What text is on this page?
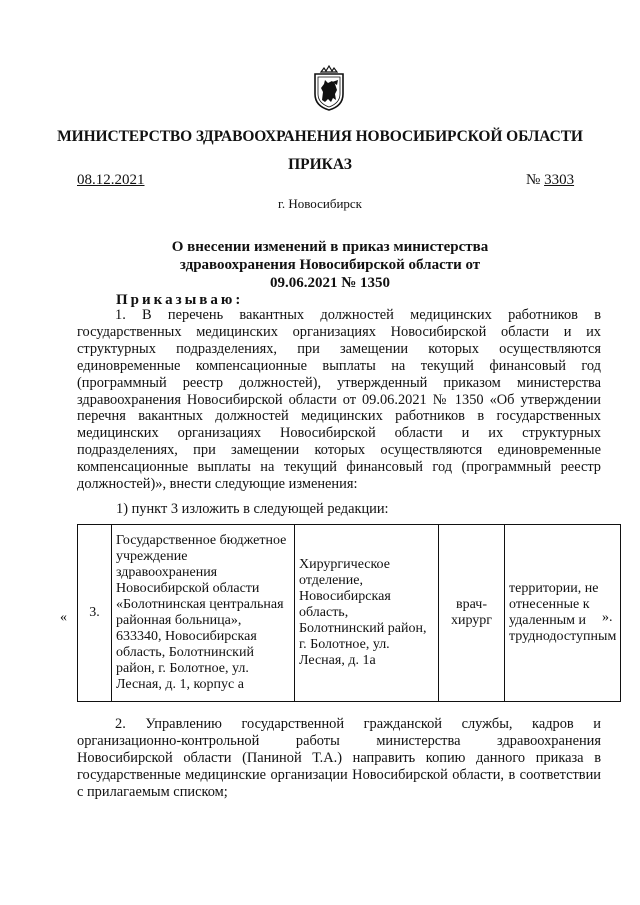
МИНИСТЕРСТВО ЗДРАВООХРАНЕНИЯ НОВОСИБИРСКОЙ ОБЛАСТИ
ПРИКАЗ
08.12.2021	№ 3303
г. Новосибирск
О внесении изменений в приказ министерства здравоохранения Новосибирской области от 09.06.2021 № 1350
Приказываю:
1. В перечень вакантных должностей медицинских работников в государственных медицинских организациях Новосибирской области и их структурных подразделениях, при замещении которых осуществляются единовременные компенсационные выплаты на текущий финансовый год (программный реестр должностей), утвержденный приказом министерства здравоохранения Новосибирской области от 09.06.2021 № 1350 «Об утверждении перечня вакантных должностей медицинских работников в государственных медицинских организациях Новосибирской области и их структурных подразделениях, при замещении которых осуществляются единовременные компенсационные выплаты на текущий финансовый год (программный реестр должностей)», внести следующие изменения:
1) пункт 3 изложить в следующей редакции:
« 3.	Государственное бюджетное учреждение здравоохранения Новосибирской области «Болотнинская центральная районная больница», 633340, Новосибирская область, Болотнинский район, г. Болотное, ул. Лесная, д. 1, корпус а	Хирургическое отделение, Новосибирская область, Болотнинский район, г. Болотное, ул. Лесная, д. 1а	врач-хирург	территории, не отнесенные к удаленным и труднодоступным
».
2. Управлению государственной гражданской службы, кадров и организационно-контрольной работы министерства здравоохранения Новосибирской области (Паниной Т.А.) направить копию данного приказа в государственные медицинские организации Новосибирской области, в соответствии с прилагаемым списком;
